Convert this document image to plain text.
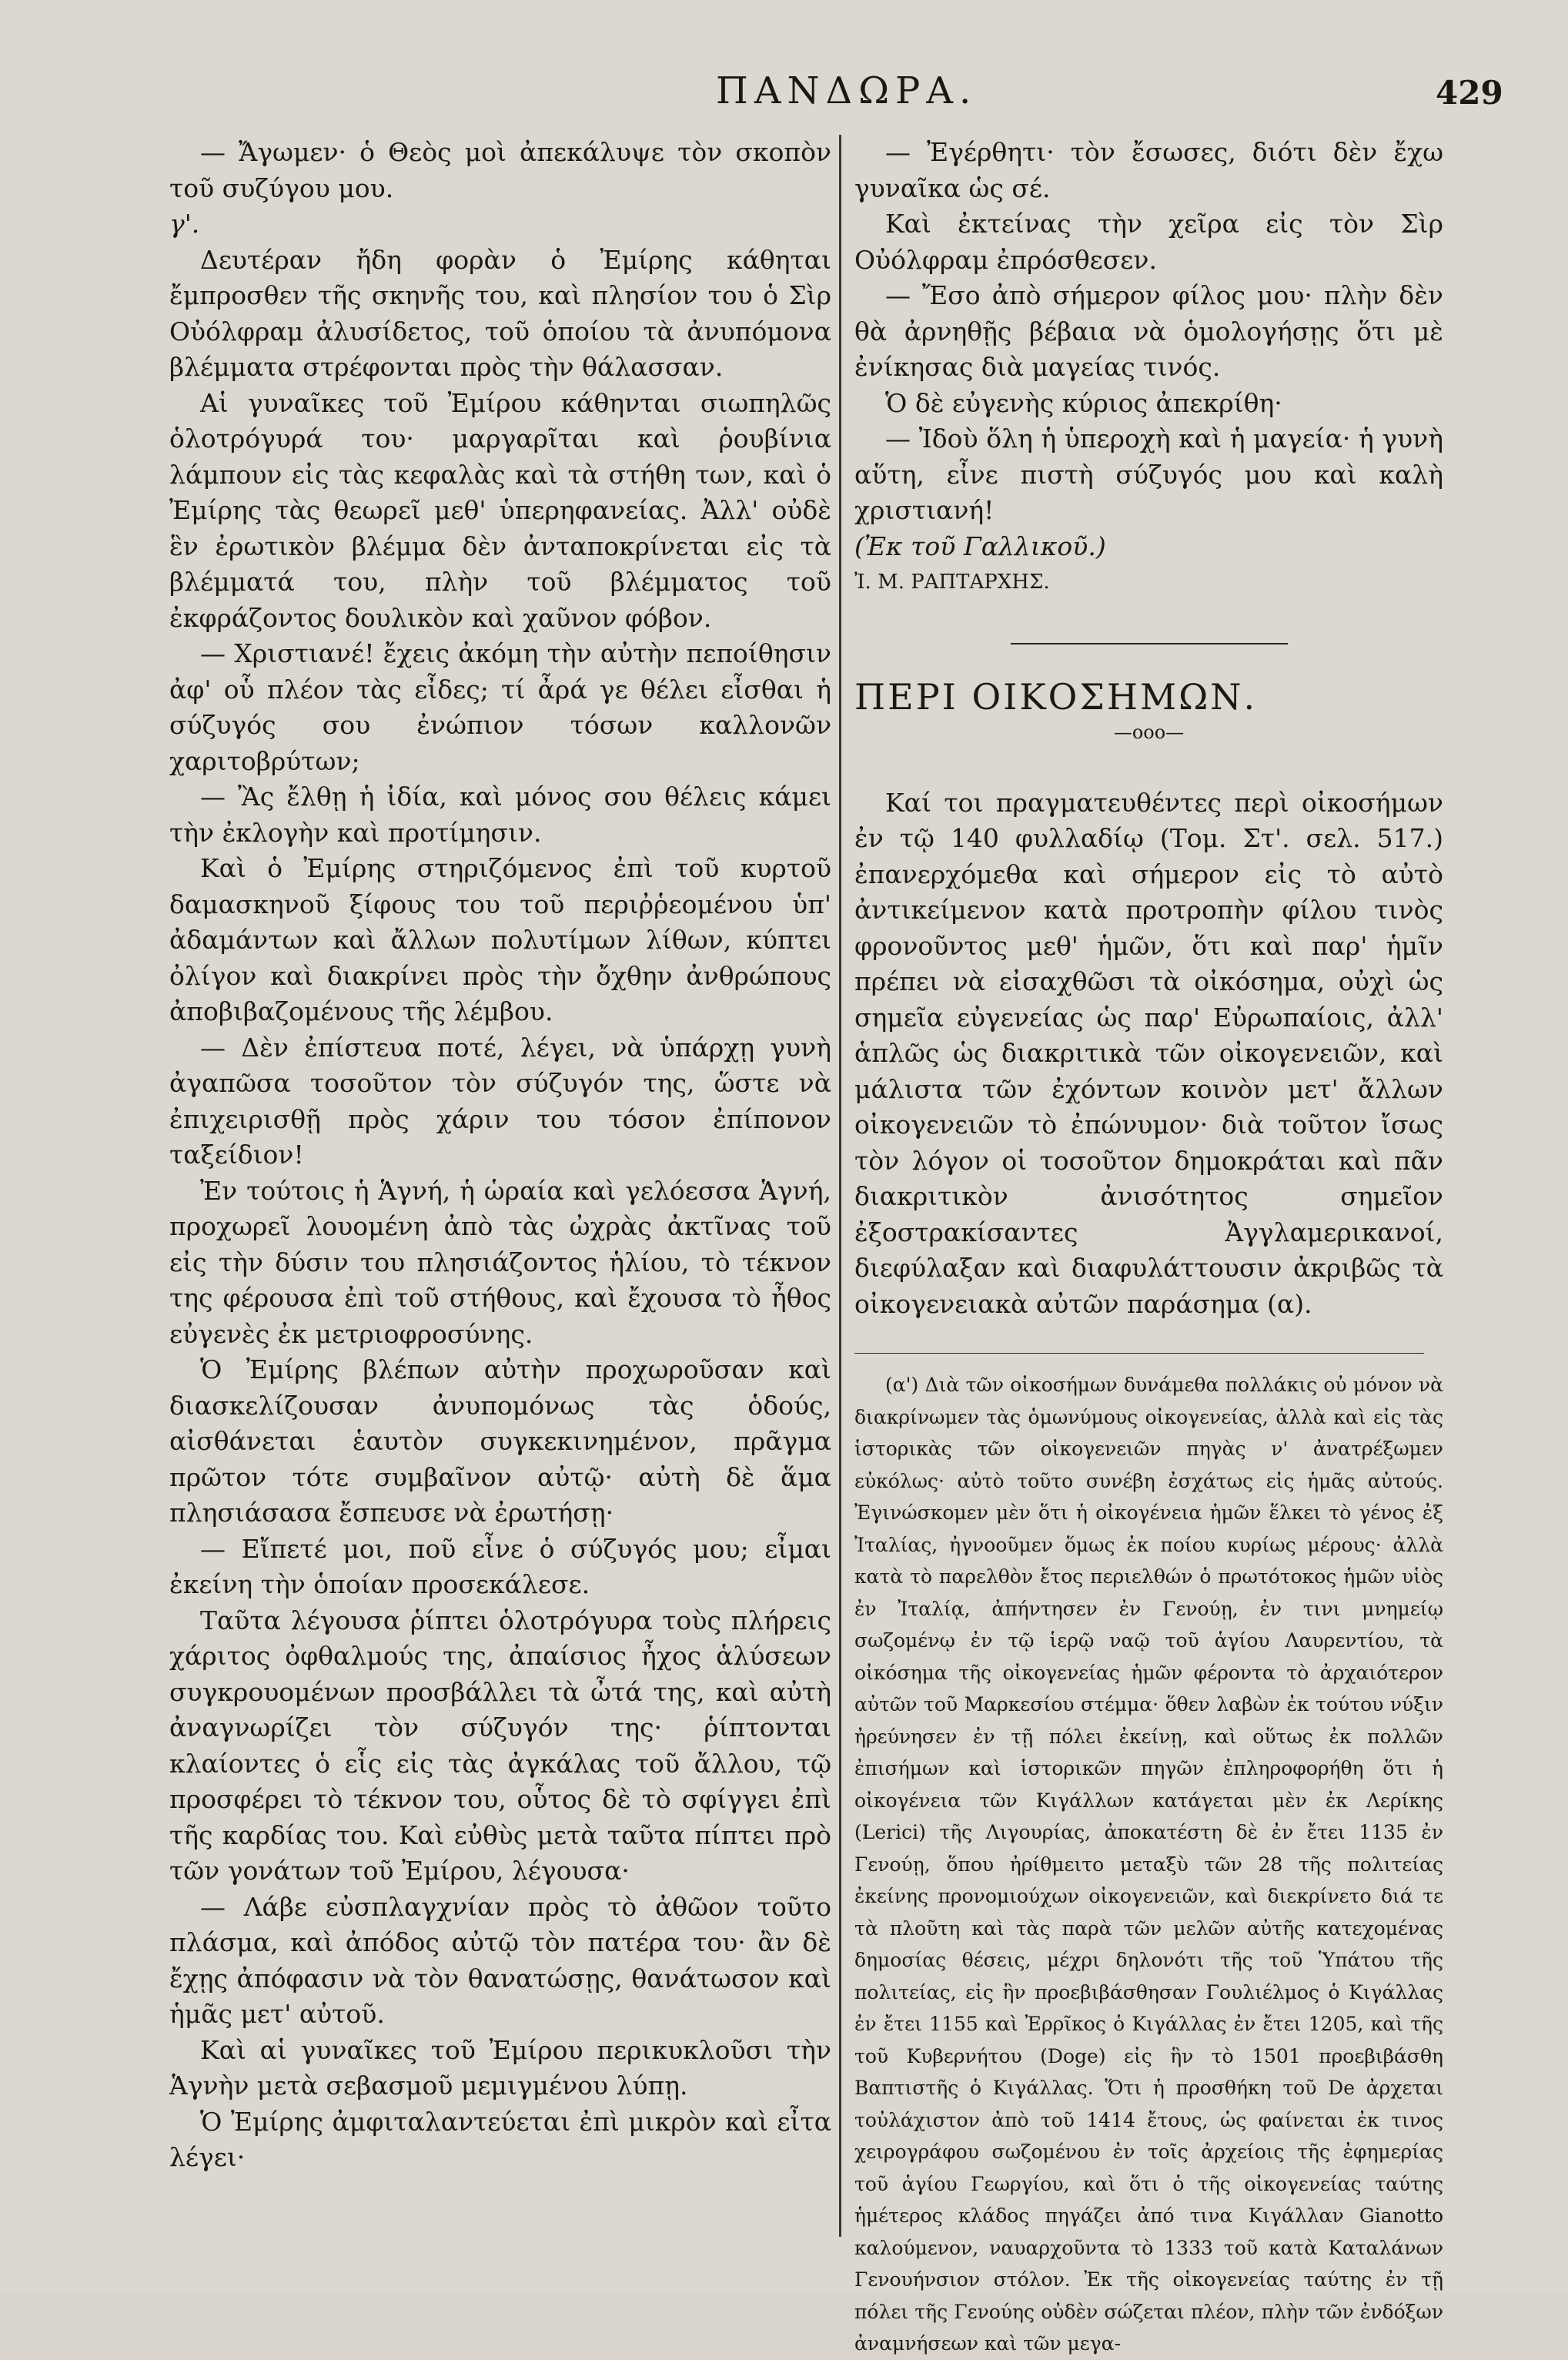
ΠΑΝΔΩΡΑ.	429

— Ἄγωμεν· ὁ Θεὸς μοὶ ἀπεκάλυψε τὸν σκοπὸν τοῦ συζύγου μου.

γ'.

Δευτέραν ἤδη φορὰν ὁ Ἐμίρης κάθηται ἔμπροσθεν τῆς σκηνῆς του, καὶ πλησίον του ὁ Σὶρ Οὐόλφραμ ἀλυσίδετος, τοῦ ὁποίου τὰ ἀνυπόμονα βλέμματα στρέφονται πρὸς τὴν θάλασσαν.

Αἱ γυναῖκες τοῦ Ἐμίρου κάθηνται σιωπηλῶς ὁλοτρόγυρά του· μαργαρῖται καὶ ῥουβίνια λάμπουν εἰς τὰς κεφαλὰς καὶ τὰ στήθη των, καὶ ὁ Ἐμίρης τὰς θεωρεῖ μεθ' ὑπερηφανείας. Ἀλλ' οὐδὲ ἓν ἐρωτικὸν βλέμμα δὲν ἀνταποκρίνεται εἰς τὰ βλέμματά του, πλὴν τοῦ βλέμματος τοῦ ἐκφράζοντος δουλικὸν καὶ χαῦνον φόβον.

— Χριστιανέ! ἔχεις ἀκόμη τὴν αὐτὴν πεποίθησιν ἀφ' οὗ πλέον τὰς εἶδες; τί ἆρά γε θέλει εἶσθαι ἡ σύζυγός σου ἐνώπιον τόσων καλλονῶν χαριτοβρύτων;

— Ἂς ἔλθῃ ἡ ἰδία, καὶ μόνος σου θέλεις κάμει τὴν ἐκλογὴν καὶ προτίμησιν.

Καὶ ὁ Ἐμίρης στηριζόμενος ἐπὶ τοῦ κυρτοῦ δαμασκηνοῦ ξίφους του τοῦ περιῤῥεομένου ὑπ' ἀδαμάντων καὶ ἄλλων πολυτίμων λίθων, κύπτει ὀλίγον καὶ διακρίνει πρὸς τὴν ὄχθην ἀνθρώπους ἀποβιβαζομένους τῆς λέμβου.

— Δὲν ἐπίστευα ποτέ, λέγει, νὰ ὑπάρχῃ γυνὴ ἀγαπῶσα τοσοῦτον τὸν σύζυγόν της, ὥστε νὰ ἐπιχειρισθῇ πρὸς χάριν του τόσον ἐπίπονον ταξείδιον!

Ἐν τούτοις ἡ Ἁγνή, ἡ ὡραία καὶ γελόεσσα Ἁγνή, προχωρεῖ λουομένη ἀπὸ τὰς ὠχρὰς ἀκτῖνας τοῦ εἰς τὴν δύσιν του πλησιάζοντος ἡλίου, τὸ τέκνον της φέρουσα ἐπὶ τοῦ στήθους, καὶ ἔχουσα τὸ ἦθος εὐγενὲς ἐκ μετριοφροσύνης.

Ὁ Ἐμίρης βλέπων αὐτὴν προχωροῦσαν καὶ διασκελίζουσαν ἀνυπομόνως τὰς ὁδούς, αἰσθάνεται ἑαυτὸν συγκεκινημένον, πρᾶγμα πρῶτον τότε συμβαῖνον αὐτῷ· αὐτὴ δὲ ἅμα πλησιάσασα ἔσπευσε νὰ ἐρωτήσῃ·

— Εἴπετέ μοι, ποῦ εἶνε ὁ σύζυγός μου; εἶμαι ἐκείνη τὴν ὁποίαν προσεκάλεσε.

Ταῦτα λέγουσα ῥίπτει ὁλοτρόγυρα τοὺς πλήρεις χάριτος ὀφθαλμούς της, ἀπαίσιος ἦχος ἁλύσεων συγκρουομένων προσβάλλει τὰ ὦτά της, καὶ αὐτὴ ἀναγνωρίζει τὸν σύζυγόν της· ῥίπτονται κλαίοντες ὁ εἷς εἰς τὰς ἀγκάλας τοῦ ἄλλου, τῷ προσφέρει τὸ τέκνον του, οὗτος δὲ τὸ σφίγγει ἐπὶ τῆς καρδίας του. Καὶ εὐθὺς μετὰ ταῦτα πίπτει πρὸ τῶν γονάτων τοῦ Ἐμίρου, λέγουσα·

— Λάβε εὐσπλαγχνίαν πρὸς τὸ ἀθῶον τοῦτο πλάσμα, καὶ ἀπόδος αὐτῷ τὸν πατέρα του· ἂν δὲ ἔχῃς ἀπόφασιν νὰ τὸν θανατώσῃς, θανάτωσον καὶ ἡμᾶς μετ' αὐτοῦ.

Καὶ αἱ γυναῖκες τοῦ Ἐμίρου περικυκλοῦσι τὴν Ἁγνὴν μετὰ σεβασμοῦ μεμιγμένου λύπῃ.

Ὁ Ἐμίρης ἀμφιταλαντεύεται ἐπὶ μικρὸν καὶ εἶτα λέγει·

— Ἐγέρθητι· τὸν ἔσωσες, διότι δὲν ἔχω γυναῖκα ὡς σέ.

Καὶ ἐκτείνας τὴν χεῖρα εἰς τὸν Σὶρ Οὐόλφραμ ἐπρόσθεσεν.

— Ἔσο ἀπὸ σήμερον φίλος μου· πλὴν δὲν θὰ ἀρνηθῇς βέβαια νὰ ὁμολογήσῃς ὅτι μὲ ἐνίκησας διὰ μαγείας τινός.

Ὁ δὲ εὐγενὴς κύριος ἀπεκρίθη·

— Ἰδοὺ ὅλη ἡ ὑπεροχὴ καὶ ἡ μαγεία· ἡ γυνὴ αὕτη, εἶνε πιστὴ σύζυγός μου καὶ καλὴ χριστιανή!

(Ἐκ τοῦ Γαλλικοῦ.)

Ἰ. Μ. ΡΑΠΤΑΡΧΗΣ.

ΠΕΡΙ ΟΙΚΟΣΗΜΩΝ.

—ooo—

Καί τοι πραγματευθέντες περὶ οἰκοσήμων ἐν τῷ 140 φυλλαδίῳ (Τομ. Στ'. σελ. 517.) ἐπανερχόμεθα καὶ σήμερον εἰς τὸ αὐτὸ ἀντικείμενον κατὰ προτροπὴν φίλου τινὸς φρονοῦντος μεθ' ἡμῶν, ὅτι καὶ παρ' ἡμῖν πρέπει νὰ εἰσαχθῶσι τὰ οἰκόσημα, οὐχὶ ὡς σημεῖα εὐγενείας ὡς παρ' Εὐρωπαίοις, ἀλλ' ἁπλῶς ὡς διακριτικὰ τῶν οἰκογενειῶν, καὶ μάλιστα τῶν ἐχόντων κοινὸν μετ' ἄλλων οἰκογενειῶν τὸ ἐπώνυμον· διὰ τοῦτον ἴσως τὸν λόγον οἱ τοσοῦτον δημοκράται καὶ πᾶν διακριτικὸν ἀνισότητος σημεῖον ἐξοστρακίσαντες Ἀγγλαμερικανοί, διεφύλαξαν καὶ διαφυλάττουσιν ἀκριβῶς τὰ οἰκογενειακὰ αὐτῶν παράσημα (α).

(α') Διὰ τῶν οἰκοσήμων δυνάμεθα πολλάκις οὐ μόνον νὰ διακρίνωμεν τὰς ὁμωνύμους οἰκογενείας, ἀλλὰ καὶ εἰς τὰς ἱστορικὰς τῶν οἰκογενειῶν πηγὰς ν' ἀνατρέξωμεν εὐκόλως· αὐτὸ τοῦτο συνέβη ἐσχάτως εἰς ἡμᾶς αὐτούς. Ἐγινώσκομεν μὲν ὅτι ἡ οἰκογένεια ἡμῶν ἕλκει τὸ γένος ἐξ Ἰταλίας, ἠγνοοῦμεν ὅμως ἐκ ποίου κυρίως μέρους· ἀλλὰ κατὰ τὸ παρελθὸν ἔτος περιελθών ὁ πρωτότοκος ἡμῶν υἱὸς ἐν Ἰταλίᾳ, ἀπήντησεν ἐν Γενούῃ, ἐν τινι μνημείῳ σωζομένῳ ἐν τῷ ἱερῷ ναῷ τοῦ ἁγίου Λαυρεντίου, τὰ οἰκόσημα τῆς οἰκογενείας ἡμῶν φέροντα τὸ ἀρχαιότερον αὐτῶν τοῦ Μαρκεσίου στέμμα· ὅθεν λαβὼν ἐκ τούτου νύξιν ἠρεύνησεν ἐν τῇ πόλει ἐκείνῃ, καὶ οὕτως ἐκ πολλῶν ἐπισήμων καὶ ἱστορικῶν πηγῶν ἐπληροφορήθη ὅτι ἡ οἰκογένεια τῶν Κιγάλλων κατάγεται μὲν ἐκ Λερίκης (Lerici) τῆς Λιγουρίας, ἀποκατέστη δὲ ἐν ἔτει 1135 ἐν Γενούῃ, ὅπου ἠρίθμειτο μεταξὺ τῶν 28 τῆς πολιτείας ἐκείνης προνομιούχων οἰκογενειῶν, καὶ διεκρίνετο διά τε τὰ πλοῦτη καὶ τὰς παρὰ τῶν μελῶν αὐτῆς κατεχομένας δημοσίας θέσεις, μέχρι δηλονότι τῆς τοῦ Ὑπάτου τῆς πολιτείας, εἰς ἣν προεβιβάσθησαν Γουλιέλμος ὁ Κιγάλλας ἐν ἔτει 1155 καὶ Ἐρρῖκος ὁ Κιγάλλας ἐν ἔτει 1205, καὶ τῆς τοῦ Κυβερνήτου (Doge) εἰς ἣν τὸ 1501 προεβιβάσθη Βαπτιστῆς ὁ Κιγάλλας. Ὅτι ἡ προσθήκη τοῦ De ἀρχεται τοὐλάχιστον ἀπὸ τοῦ 1414 ἔτους, ὡς φαίνεται ἐκ τινος χειρογράφου σωζομένου ἐν τοῖς ἀρχείοις τῆς ἐφημερίας τοῦ ἁγίου Γεωργίου, καὶ ὅτι ὁ τῆς οἰκογενείας ταύτης ἡμέτερος κλάδος πηγάζει ἀπό τινα Κιγάλλαν Gianotto καλούμενον, ναυαρχοῦντα τὸ 1333 τοῦ κατὰ Καταλάνων Γενουήνσιον στόλον. Ἐκ τῆς οἰκογενείας ταύτης ἐν τῇ πόλει τῆς Γενούης οὐδὲν σώζεται πλέον, πλὴν τῶν ἐνδόξων ἀναμνήσεων καὶ τῶν μεγα-
